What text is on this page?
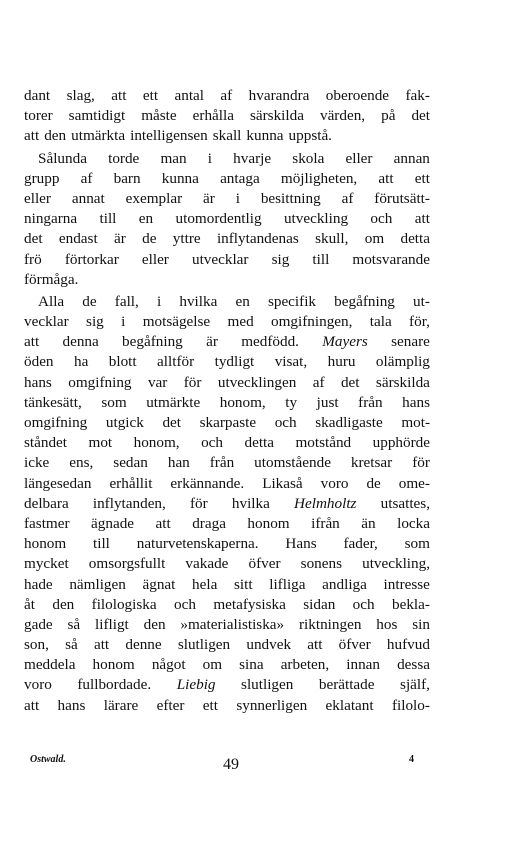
dant slag, att ett antal af hvarandra oberoende fak-
torer samtidigt måste erhålla särskilda värden, på det
att den utmärkta intelligensen skall kunna uppstå.
Sålunda torde man i hvarje skola eller annan
grupp af barn kunna antaga möjligheten, att ett
eller annat exemplar är i besittning af förutsätt-
ningarna till en utomordentlig utveckling och att
det endast är de yttre inflytandenas skull, om detta
frö förtorkar eller utvecklar sig till motsvarande
förmåga.
Alla de fall, i hvilka en specifik begåfning ut-
vecklar sig i motsägelse med omgifningen, tala för,
att denna begåfning är medfödd. Mayers senare
öden ha blott alltför tydligt visat, huru olämplig
hans omgifning var för utvecklingen af det särskilda
tänkesätt, som utmärkte honom, ty just från hans
omgifning utgick det skarpaste och skadligaste mot-
ståndet mot honom, och detta motstånd upphörde
icke ens, sedan han från utomstående kretsar för
längesedan erhållit erkännande. Likaså voro de ome-
delbara inflytanden, för hvilka Helmholtz utsattes,
fastmer ägnade att draga honom ifrån än locka
honom till naturvetenskaperna. Hans fader, som
mycket omsorgsfullt vakade öfver sonens utveckling,
hade nämligen ägnat hela sitt lifliga andliga intresse
åt den filologiska och metafysiska sidan och bekla-
gade så lifligt den »materialistiska» riktningen hos sin
son, så att denne slutligen undvek att öfver hufvud
meddela honom något om sina arbeten, innan dessa
voro fullbordade. Liebig slutligen berättade själf,
att hans lärare efter ett synnerligen eklatant filolo-
Ostwald.	49	4
